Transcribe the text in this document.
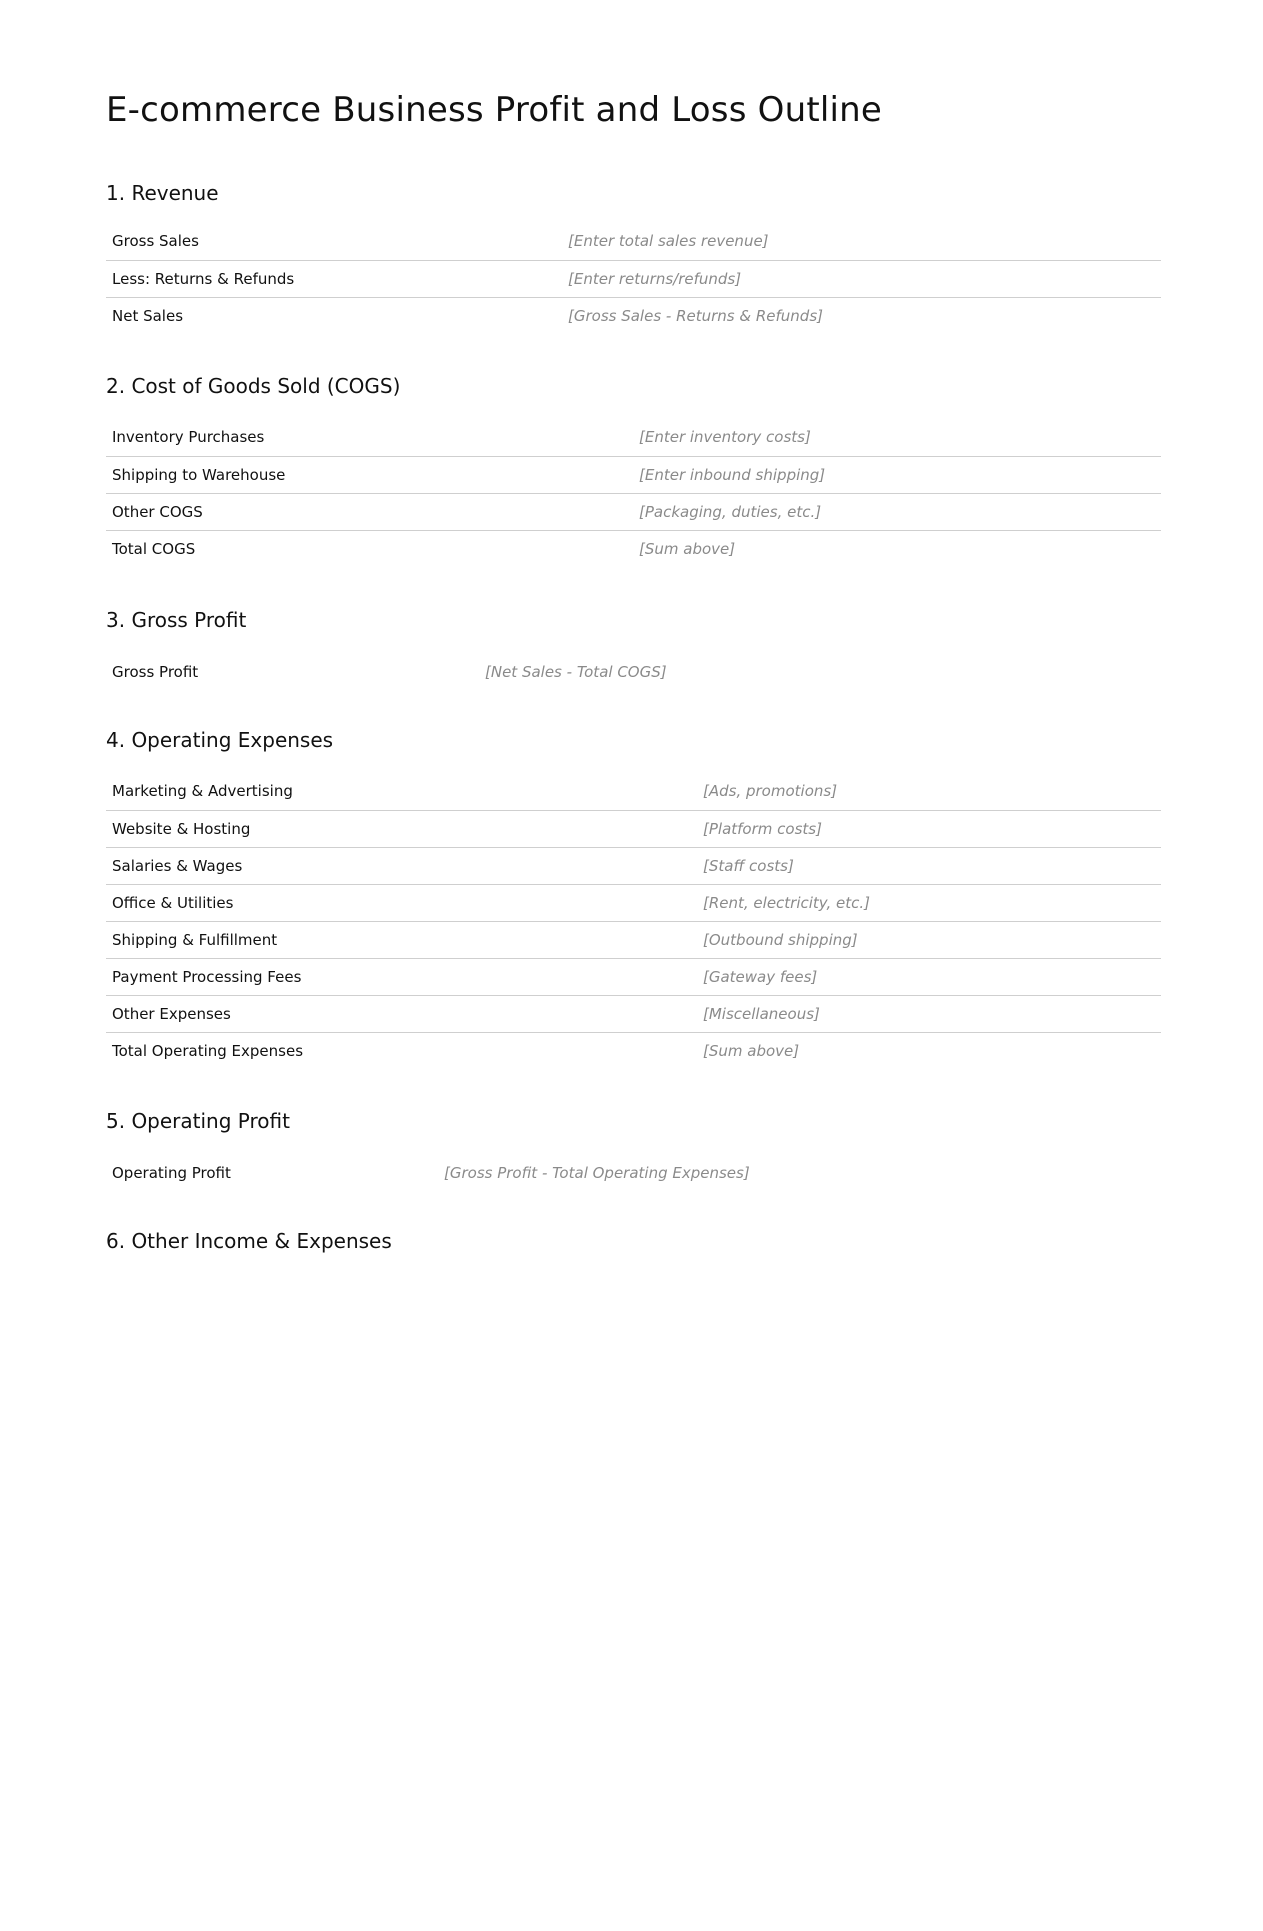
E-commerce Business Profit and Loss Outline
1. Revenue
Gross Sales	[Enter total sales revenue]
Less: Returns & Refunds	[Enter returns/refunds]
Net Sales	[Gross Sales - Returns & Refunds]
2. Cost of Goods Sold (COGS)
Inventory Purchases	[Enter inventory costs]
Shipping to Warehouse	[Enter inbound shipping]
Other COGS	[Packaging, duties, etc.]
Total COGS	[Sum above]
3. Gross Profit
Gross Profit	[Net Sales - Total COGS]
4. Operating Expenses
Marketing & Advertising	[Ads, promotions]
Website & Hosting	[Platform costs]
Salaries & Wages	[Staff costs]
Office & Utilities	[Rent, electricity, etc.]
Shipping & Fulfillment	[Outbound shipping]
Payment Processing Fees	[Gateway fees]
Other Expenses	[Miscellaneous]
Total Operating Expenses	[Sum above]
5. Operating Profit
Operating Profit	[Gross Profit - Total Operating Expenses]
6. Other Income & Expenses
